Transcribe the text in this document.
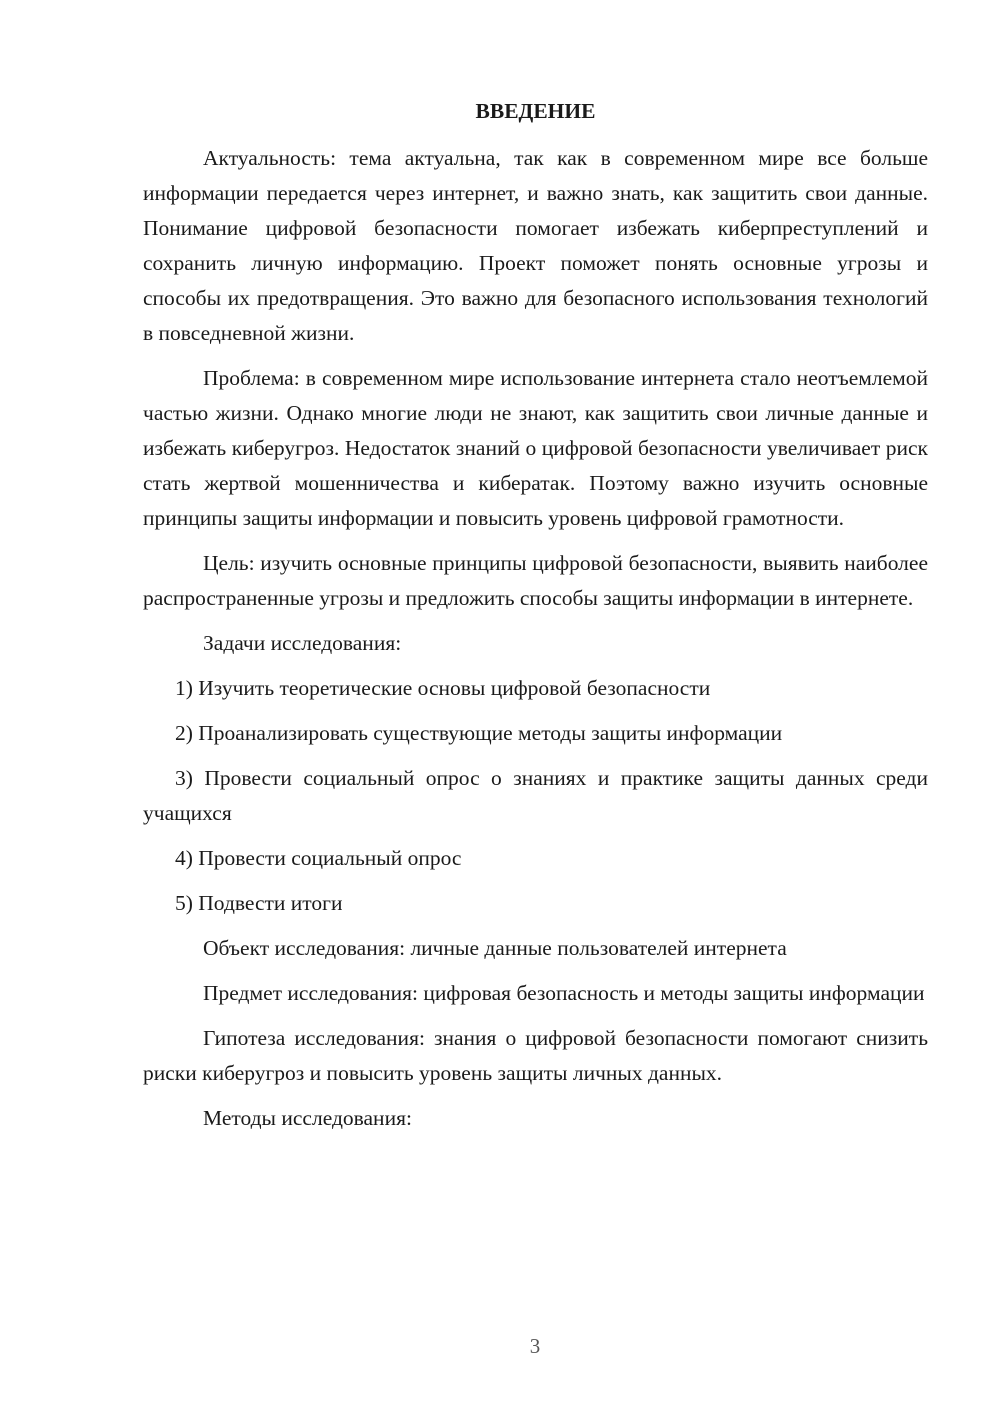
ВВЕДЕНИЕ

Актуальность: тема актуальна, так как в современном мире все больше информации передается через интернет, и важно знать, как защитить свои данные. Понимание цифровой безопасности помогает избежать киберпреступлений и сохранить личную информацию. Проект поможет понять основные угрозы и способы их предотвращения. Это важно для безопасного использования технологий в повседневной жизни.

Проблема: в современном мире использование интернета стало неотъемлемой частью жизни. Однако многие люди не знают, как защитить свои личные данные и избежать киберугроз. Недостаток знаний о цифровой безопасности увеличивает риск стать жертвой мошенничества и кибератак. Поэтому важно изучить основные принципы защиты информации и повысить уровень цифровой грамотности.

Цель: изучить основные принципы цифровой безопасности, выявить наиболее распространенные угрозы и предложить способы защиты информации в интернете.

Задачи исследования:

1) Изучить теоретические основы цифровой безопасности

2) Проанализировать существующие методы защиты информации

3) Провести социальный опрос о знаниях и практике защиты данных среди учащихся

4) Провести социальный опрос

5) Подвести итоги

Объект исследования: личные данные пользователей интернета

Предмет исследования: цифровая безопасность и методы защиты информации

Гипотеза исследования: знания о цифровой безопасности помогают снизить риски киберугроз и повысить уровень защиты личных данных.

Методы исследования:

3
